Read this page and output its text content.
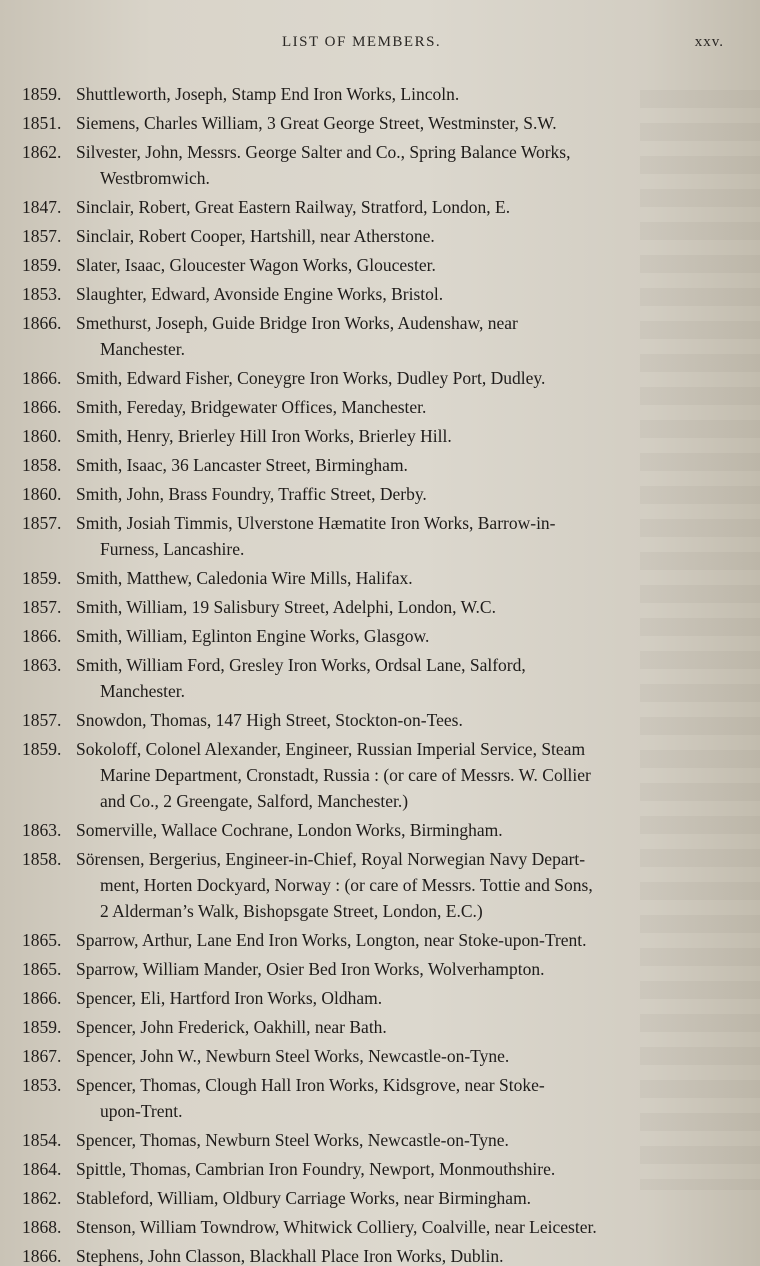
LIST OF MEMBERS.	xxv.
1859. Shuttleworth, Joseph, Stamp End Iron Works, Lincoln.
1851. Siemens, Charles William, 3 Great George Street, Westminster, S.W.
1862. Silvester, John, Messrs. George Salter and Co., Spring Balance Works,
Westbromwich.
1847. Sinclair, Robert, Great Eastern Railway, Stratford, London, E.
1857. Sinclair, Robert Cooper, Hartshill, near Atherstone.
1859. Slater, Isaac, Gloucester Wagon Works, Gloucester.
1853. Slaughter, Edward, Avonside Engine Works, Bristol.
1866. Smethurst, Joseph, Guide Bridge Iron Works, Audenshaw, near
Manchester.
1866. Smith, Edward Fisher, Coneygre Iron Works, Dudley Port, Dudley.
1866. Smith, Fereday, Bridgewater Offices, Manchester.
1860. Smith, Henry, Brierley Hill Iron Works, Brierley Hill.
1858. Smith, Isaac, 36 Lancaster Street, Birmingham.
1860. Smith, John, Brass Foundry, Traffic Street, Derby.
1857. Smith, Josiah Timmis, Ulverstone Hæmatite Iron Works, Barrow-in-
Furness, Lancashire.
1859. Smith, Matthew, Caledonia Wire Mills, Halifax.
1857. Smith, William, 19 Salisbury Street, Adelphi, London, W.C.
1866. Smith, William, Eglinton Engine Works, Glasgow.
1863. Smith, William Ford, Gresley Iron Works, Ordsal Lane, Salford,
Manchester.
1857. Snowdon, Thomas, 147 High Street, Stockton-on-Tees.
1859. Sokoloff, Colonel Alexander, Engineer, Russian Imperial Service, Steam
Marine Department, Cronstadt, Russia : (or care of Messrs. W. Collier
and Co., 2 Greengate, Salford, Manchester.)
1863. Somerville, Wallace Cochrane, London Works, Birmingham.
1858. Sörensen, Bergerius, Engineer-in-Chief, Royal Norwegian Navy Depart-
ment, Horten Dockyard, Norway : (or care of Messrs. Tottie and Sons,
2 Alderman’s Walk, Bishopsgate Street, London, E.C.)
1865. Sparrow, Arthur, Lane End Iron Works, Longton, near Stoke-upon-Trent.
1865. Sparrow, William Mander, Osier Bed Iron Works, Wolverhampton.
1866. Spencer, Eli, Hartford Iron Works, Oldham.
1859. Spencer, John Frederick, Oakhill, near Bath.
1867. Spencer, John W., Newburn Steel Works, Newcastle-on-Tyne.
1853. Spencer, Thomas, Clough Hall Iron Works, Kidsgrove, near Stoke-
upon-Trent.
1854. Spencer, Thomas, Newburn Steel Works, Newcastle-on-Tyne.
1864. Spittle, Thomas, Cambrian Iron Foundry, Newport, Monmouthshire.
1862. Stableford, William, Oldbury Carriage Works, near Birmingham.
1868. Stenson, William Towndrow, Whitwick Colliery, Coalville, near Leicester.
1866. Stephens, John Classon, Blackhall Place Iron Works, Dublin.
